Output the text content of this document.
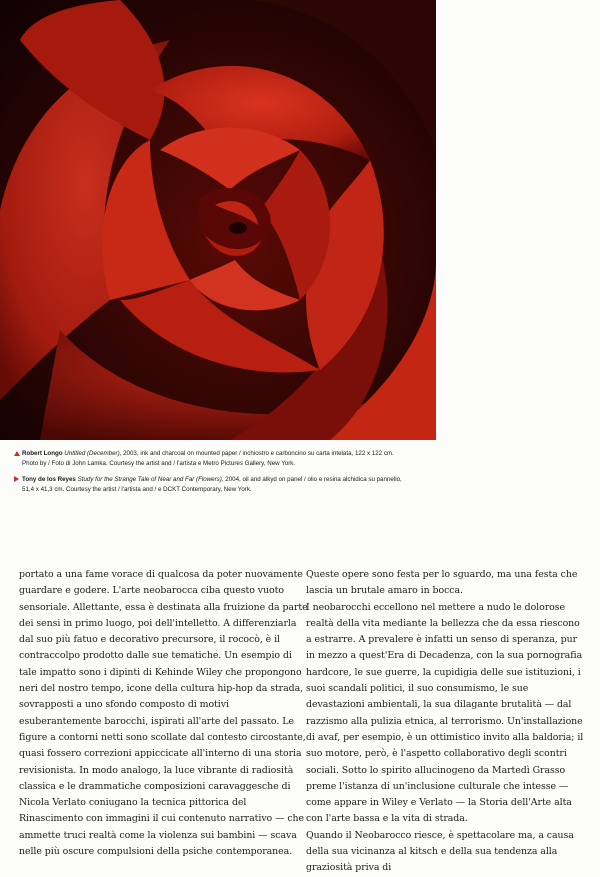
Robert Longo Untitled (December), 2003, ink and charcoal on mounted paper / inchiostro e carboncino su carta intelata, 122 x 122 cm.
Photo by / Foto di John Lamka. Courtesy the artist and / l'artista e Metro Pictures Gallery, New York.
Tony de los Reyes Study for the Strange Tale of Near and Far (Flowers), 2004, oil and alkyd on panel / olio e resina alchidica su pannello,
51,4 x 41,3 cm. Courtesy the artist / l'artista and / e DCKT Contemporary, New York.

portato a una fame vorace di qualcosa da poter nuovamente guardare e godere. L'arte neobarocca ciba questo vuoto sensoriale. Allettante, essa è destinata alla fruizione da parte dei sensi in primo luogo, poi dell'intelletto. A differenziarla dal suo più fatuo e decorativo precursore, il rococò, è il contraccolpo prodotto dalle sue tematiche. Un esempio di tale impatto sono i dipinti di Kehinde Wiley che propongono neri del nostro tempo, icone della cultura hip-hop da strada, sovrapposti a uno sfondo composto di motivi esuberantemente barocchi, ispirati all'arte del passato. Le figure a contorni netti sono scollate dal contesto circostante, quasi fossero correzioni appiccicate all'interno di una storia revisionista. In modo analogo, la luce vibrante di radiosità classica e le drammatiche composizioni caravaggesche di Nicola Verlato coniugano la tecnica pittorica del Rinascimento con immagini il cui contenuto narrativo — che ammette truci realtà come la violenza sui bambini — scava nelle più oscure compulsioni della psiche contemporanea.

Queste opere sono festa per lo sguardo, ma una festa che lascia un brutale amaro in bocca.

I neobarocchi eccellono nel mettere a nudo le dolorose realtà della vita mediante la bellezza che da essa riescono a estrarre. A prevalere è infatti un senso di speranza, pur in mezzo a quest'Era di Decadenza, con la sua pornografia hardcore, le sue guerre, la cupidigia delle sue istituzioni, i suoi scandali politici, il suo consumismo, le sue devastazioni ambientali, la sua dilagante brutalità — dal razzismo alla pulizia etnica, al terrorismo. Un'installazione di avaf, per esempio, è un ottimistico invito alla baldoria; il suo motore, però, è l'aspetto collaborativo degli scontri sociali. Sotto lo spirito allucinogeno da Martedì Grasso preme l'istanza di un'inclusione culturale che intesse — come appare in Wiley e Verlato — la Storia dell'Arte alta con l'arte bassa e la vita di strada.

Quando il Neobarocco riesce, è spettacolare ma, a causa della sua vicinanza al kitsch e della sua tendenza alla graziosità priva di
